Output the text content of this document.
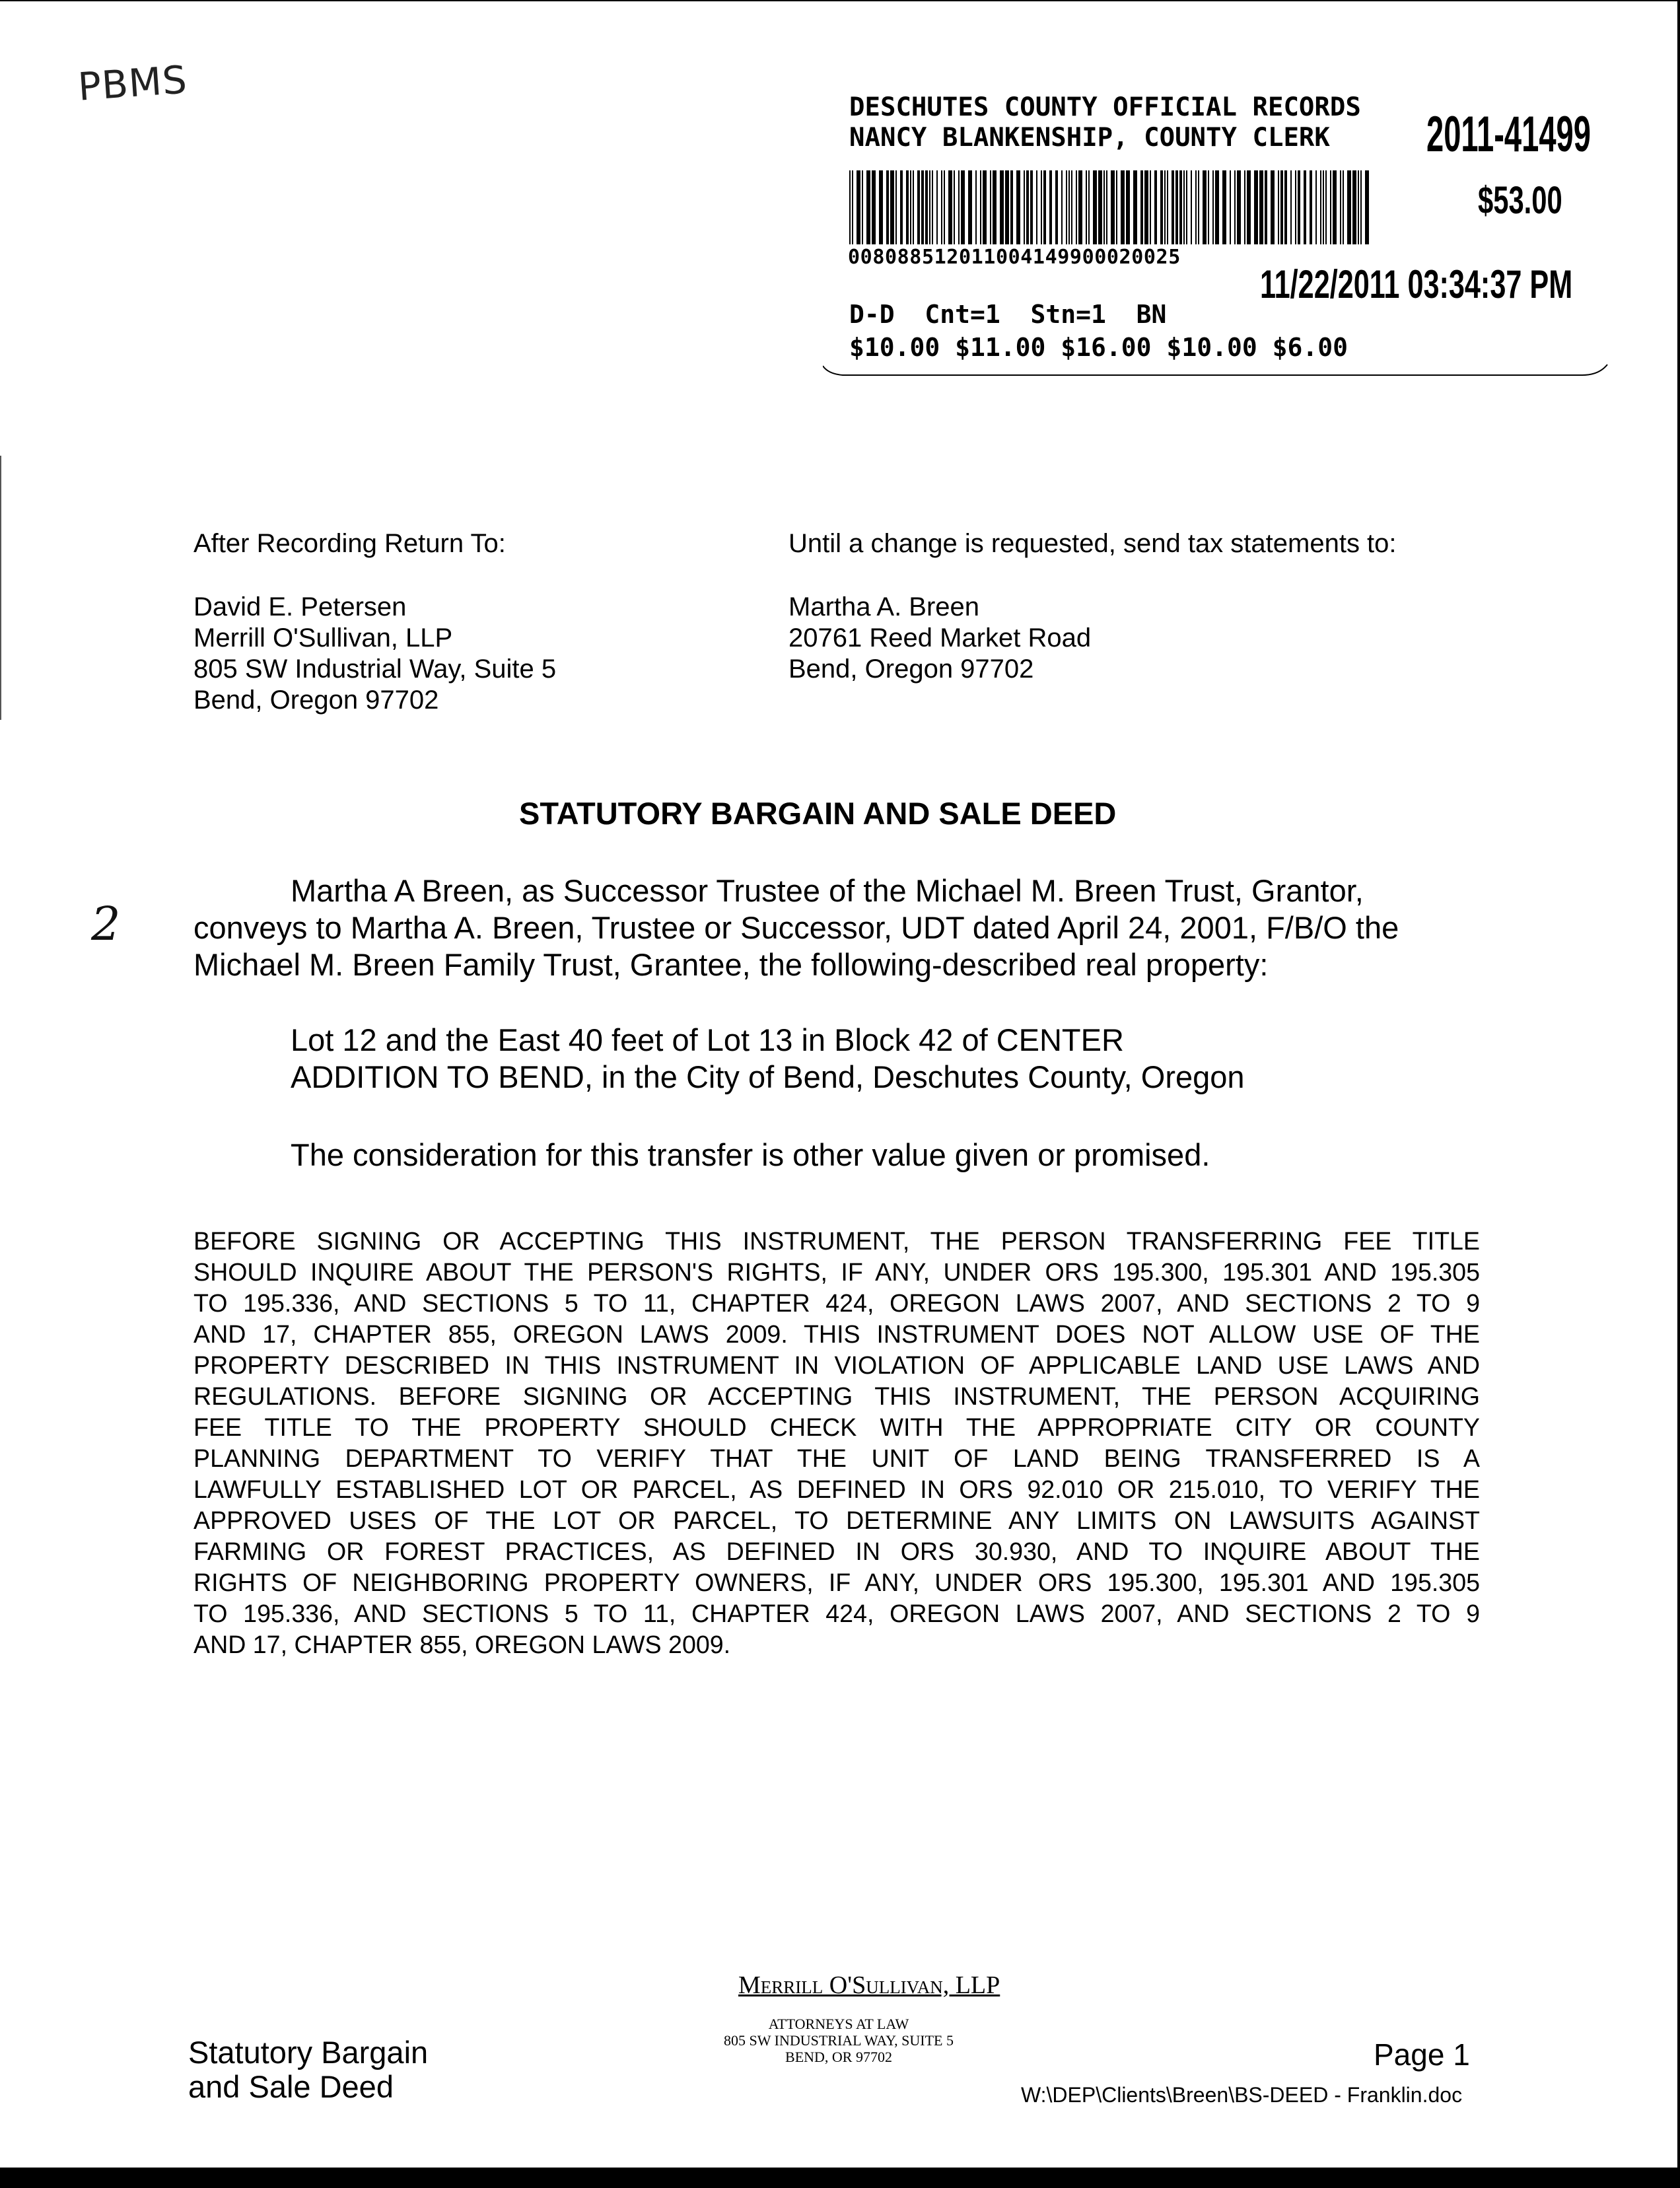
PBMS	DESCHUTES COUNTY OFFICIAL RECORDS
NANCY BLANKENSHIP, COUNTY CLERK 2011-41499
$53.00
008088512011004149900020025
11/22/2011 03:34:37 PM
D-D  Cnt=1  Stn=1  BN
$10.00 $11.00 $16.00 $10.00 $6.00
After Recording Return To:
David E. Petersen
Merrill O'Sullivan, LLP
805 SW Industrial Way, Suite 5
Bend, Oregon 97702
Until a change is requested, send tax statements to:
Martha A. Breen
20761 Reed Market Road
Bend, Oregon 97702
STATUTORY BARGAIN AND SALE DEED
2
Martha A Breen, as Successor Trustee of the Michael M. Breen Trust, Grantor,
conveys to Martha A. Breen, Trustee or Successor, UDT dated April 24, 2001, F/B/O the
Michael M. Breen Family Trust, Grantee, the following-described real property:
Lot 12 and the East 40 feet of Lot 13 in Block 42 of CENTER
ADDITION TO BEND, in the City of Bend, Deschutes County, Oregon
The consideration for this transfer is other value given or promised.
BEFORE SIGNING OR ACCEPTING THIS INSTRUMENT, THE PERSON TRANSFERRING FEE TITLE
SHOULD INQUIRE ABOUT THE PERSON'S RIGHTS, IF ANY, UNDER ORS 195.300, 195.301 AND 195.305
TO 195.336, AND SECTIONS 5 TO 11, CHAPTER 424, OREGON LAWS 2007, AND SECTIONS 2 TO 9
AND 17, CHAPTER 855, OREGON LAWS 2009. THIS INSTRUMENT DOES NOT ALLOW USE OF THE
PROPERTY DESCRIBED IN THIS INSTRUMENT IN VIOLATION OF APPLICABLE LAND USE LAWS AND
REGULATIONS. BEFORE SIGNING OR ACCEPTING THIS INSTRUMENT, THE PERSON ACQUIRING
FEE TITLE TO THE PROPERTY SHOULD CHECK WITH THE APPROPRIATE CITY OR COUNTY
PLANNING DEPARTMENT TO VERIFY THAT THE UNIT OF LAND BEING TRANSFERRED IS A
LAWFULLY ESTABLISHED LOT OR PARCEL, AS DEFINED IN ORS 92.010 OR 215.010, TO VERIFY THE
APPROVED USES OF THE LOT OR PARCEL, TO DETERMINE ANY LIMITS ON LAWSUITS AGAINST
FARMING OR FOREST PRACTICES, AS DEFINED IN ORS 30.930, AND TO INQUIRE ABOUT THE
RIGHTS OF NEIGHBORING PROPERTY OWNERS, IF ANY, UNDER ORS 195.300, 195.301 AND 195.305
TO 195.336, AND SECTIONS 5 TO 11, CHAPTER 424, OREGON LAWS 2007, AND SECTIONS 2 TO 9
AND 17, CHAPTER 855, OREGON LAWS 2009.
Merrill O'Sullivan, LLP
ATTORNEYS AT LAW
805 SW INDUSTRIAL WAY, SUITE 5
BEND, OR 97702
Statutory Bargain
and Sale Deed
Page 1
W:\DEP\Clients\Breen\BS-DEED - Franklin.doc
